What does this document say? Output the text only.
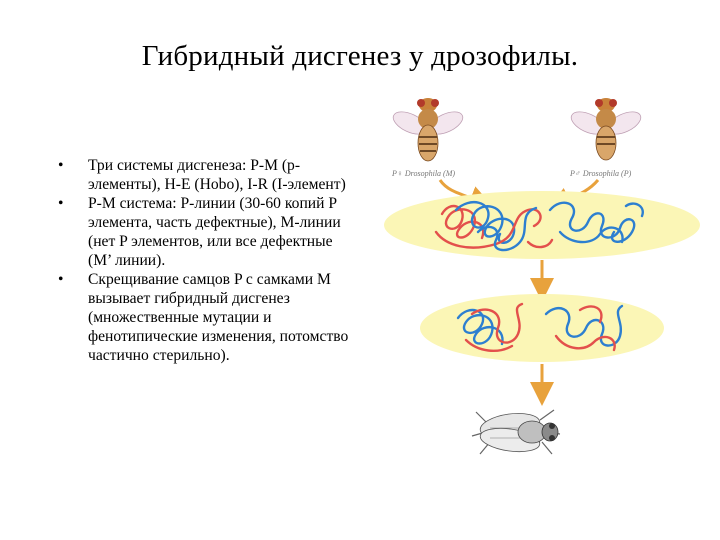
Гибридный дисгенез у дрозофилы.
• Три системы дисгенеза: P-M (p-элементы), H-E (Hobo), I-R (I-элемент)
• P-M система: P-линии (30-60 копий P элемента, часть дефектные), M-линии (нет P элементов, или все дефектные (M’ линии).
• Скрещивание самцов P с самками M вызывает гибридный дисгенез (множественные мутации и фенотипические изменения, потомство частично стерильно).
P♀ Drosophila (M)	P♂ Drosophila (P)
